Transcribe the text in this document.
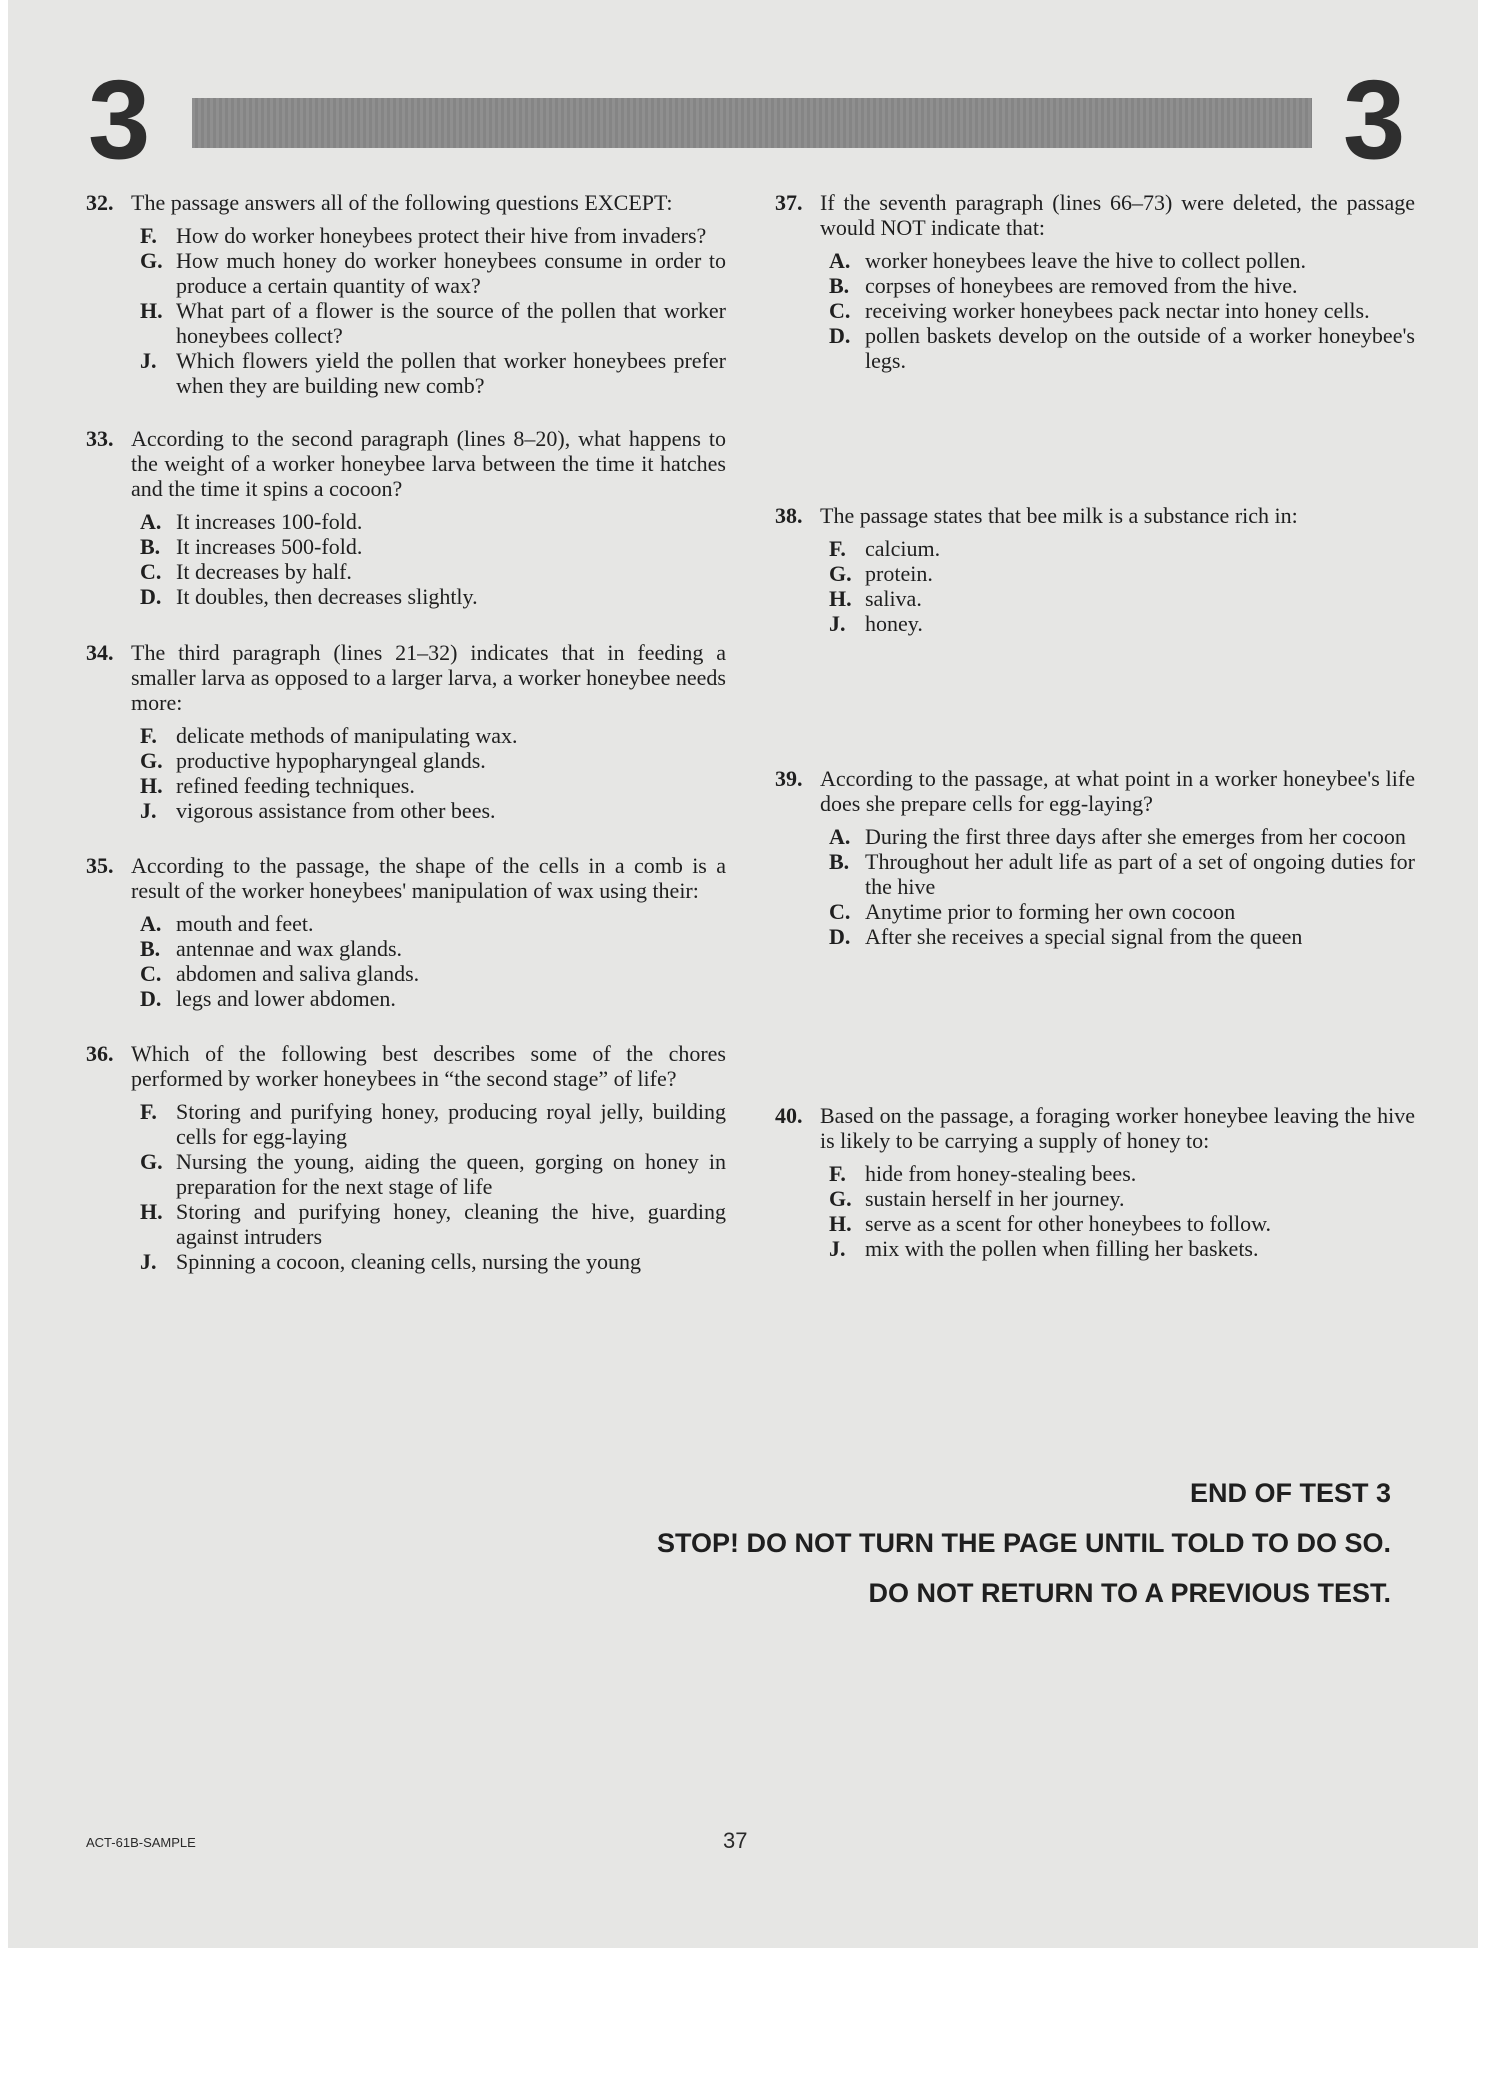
3	3
32. The passage answers all of the following questions EXCEPT:
F. How do worker honeybees protect their hive from invaders?
G. How much honey do worker honeybees consume in order to produce a certain quantity of wax?
H. What part of a flower is the source of the pollen that worker honeybees collect?
J. Which flowers yield the pollen that worker honeybees prefer when they are building new comb?
33. According to the second paragraph (lines 8–20), what happens to the weight of a worker honeybee larva between the time it hatches and the time it spins a cocoon?
A. It increases 100-fold.
B. It increases 500-fold.
C. It decreases by half.
D. It doubles, then decreases slightly.
34. The third paragraph (lines 21–32) indicates that in feeding a smaller larva as opposed to a larger larva, a worker honeybee needs more:
F. delicate methods of manipulating wax.
G. productive hypopharyngeal glands.
H. refined feeding techniques.
J. vigorous assistance from other bees.
35. According to the passage, the shape of the cells in a comb is a result of the worker honeybees' manipulation of wax using their:
A. mouth and feet.
B. antennae and wax glands.
C. abdomen and saliva glands.
D. legs and lower abdomen.
36. Which of the following best describes some of the chores performed by worker honeybees in “the second stage” of life?
F. Storing and purifying honey, producing royal jelly, building cells for egg-laying
G. Nursing the young, aiding the queen, gorging on honey in preparation for the next stage of life
H. Storing and purifying honey, cleaning the hive, guarding against intruders
J. Spinning a cocoon, cleaning cells, nursing the young
37. If the seventh paragraph (lines 66–73) were deleted, the passage would NOT indicate that:
A. worker honeybees leave the hive to collect pollen.
B. corpses of honeybees are removed from the hive.
C. receiving worker honeybees pack nectar into honey cells.
D. pollen baskets develop on the outside of a worker honeybee's legs.
38. The passage states that bee milk is a substance rich in:
F. calcium.
G. protein.
H. saliva.
J. honey.
39. According to the passage, at what point in a worker honeybee's life does she prepare cells for egg-laying?
A. During the first three days after she emerges from her cocoon
B. Throughout her adult life as part of a set of ongoing duties for the hive
C. Anytime prior to forming her own cocoon
D. After she receives a special signal from the queen
40. Based on the passage, a foraging worker honeybee leaving the hive is likely to be carrying a supply of honey to:
F. hide from honey-stealing bees.
G. sustain herself in her journey.
H. serve as a scent for other honeybees to follow.
J. mix with the pollen when filling her baskets.
END OF TEST 3
STOP! DO NOT TURN THE PAGE UNTIL TOLD TO DO SO.
DO NOT RETURN TO A PREVIOUS TEST.
ACT-61B-SAMPLE	37
